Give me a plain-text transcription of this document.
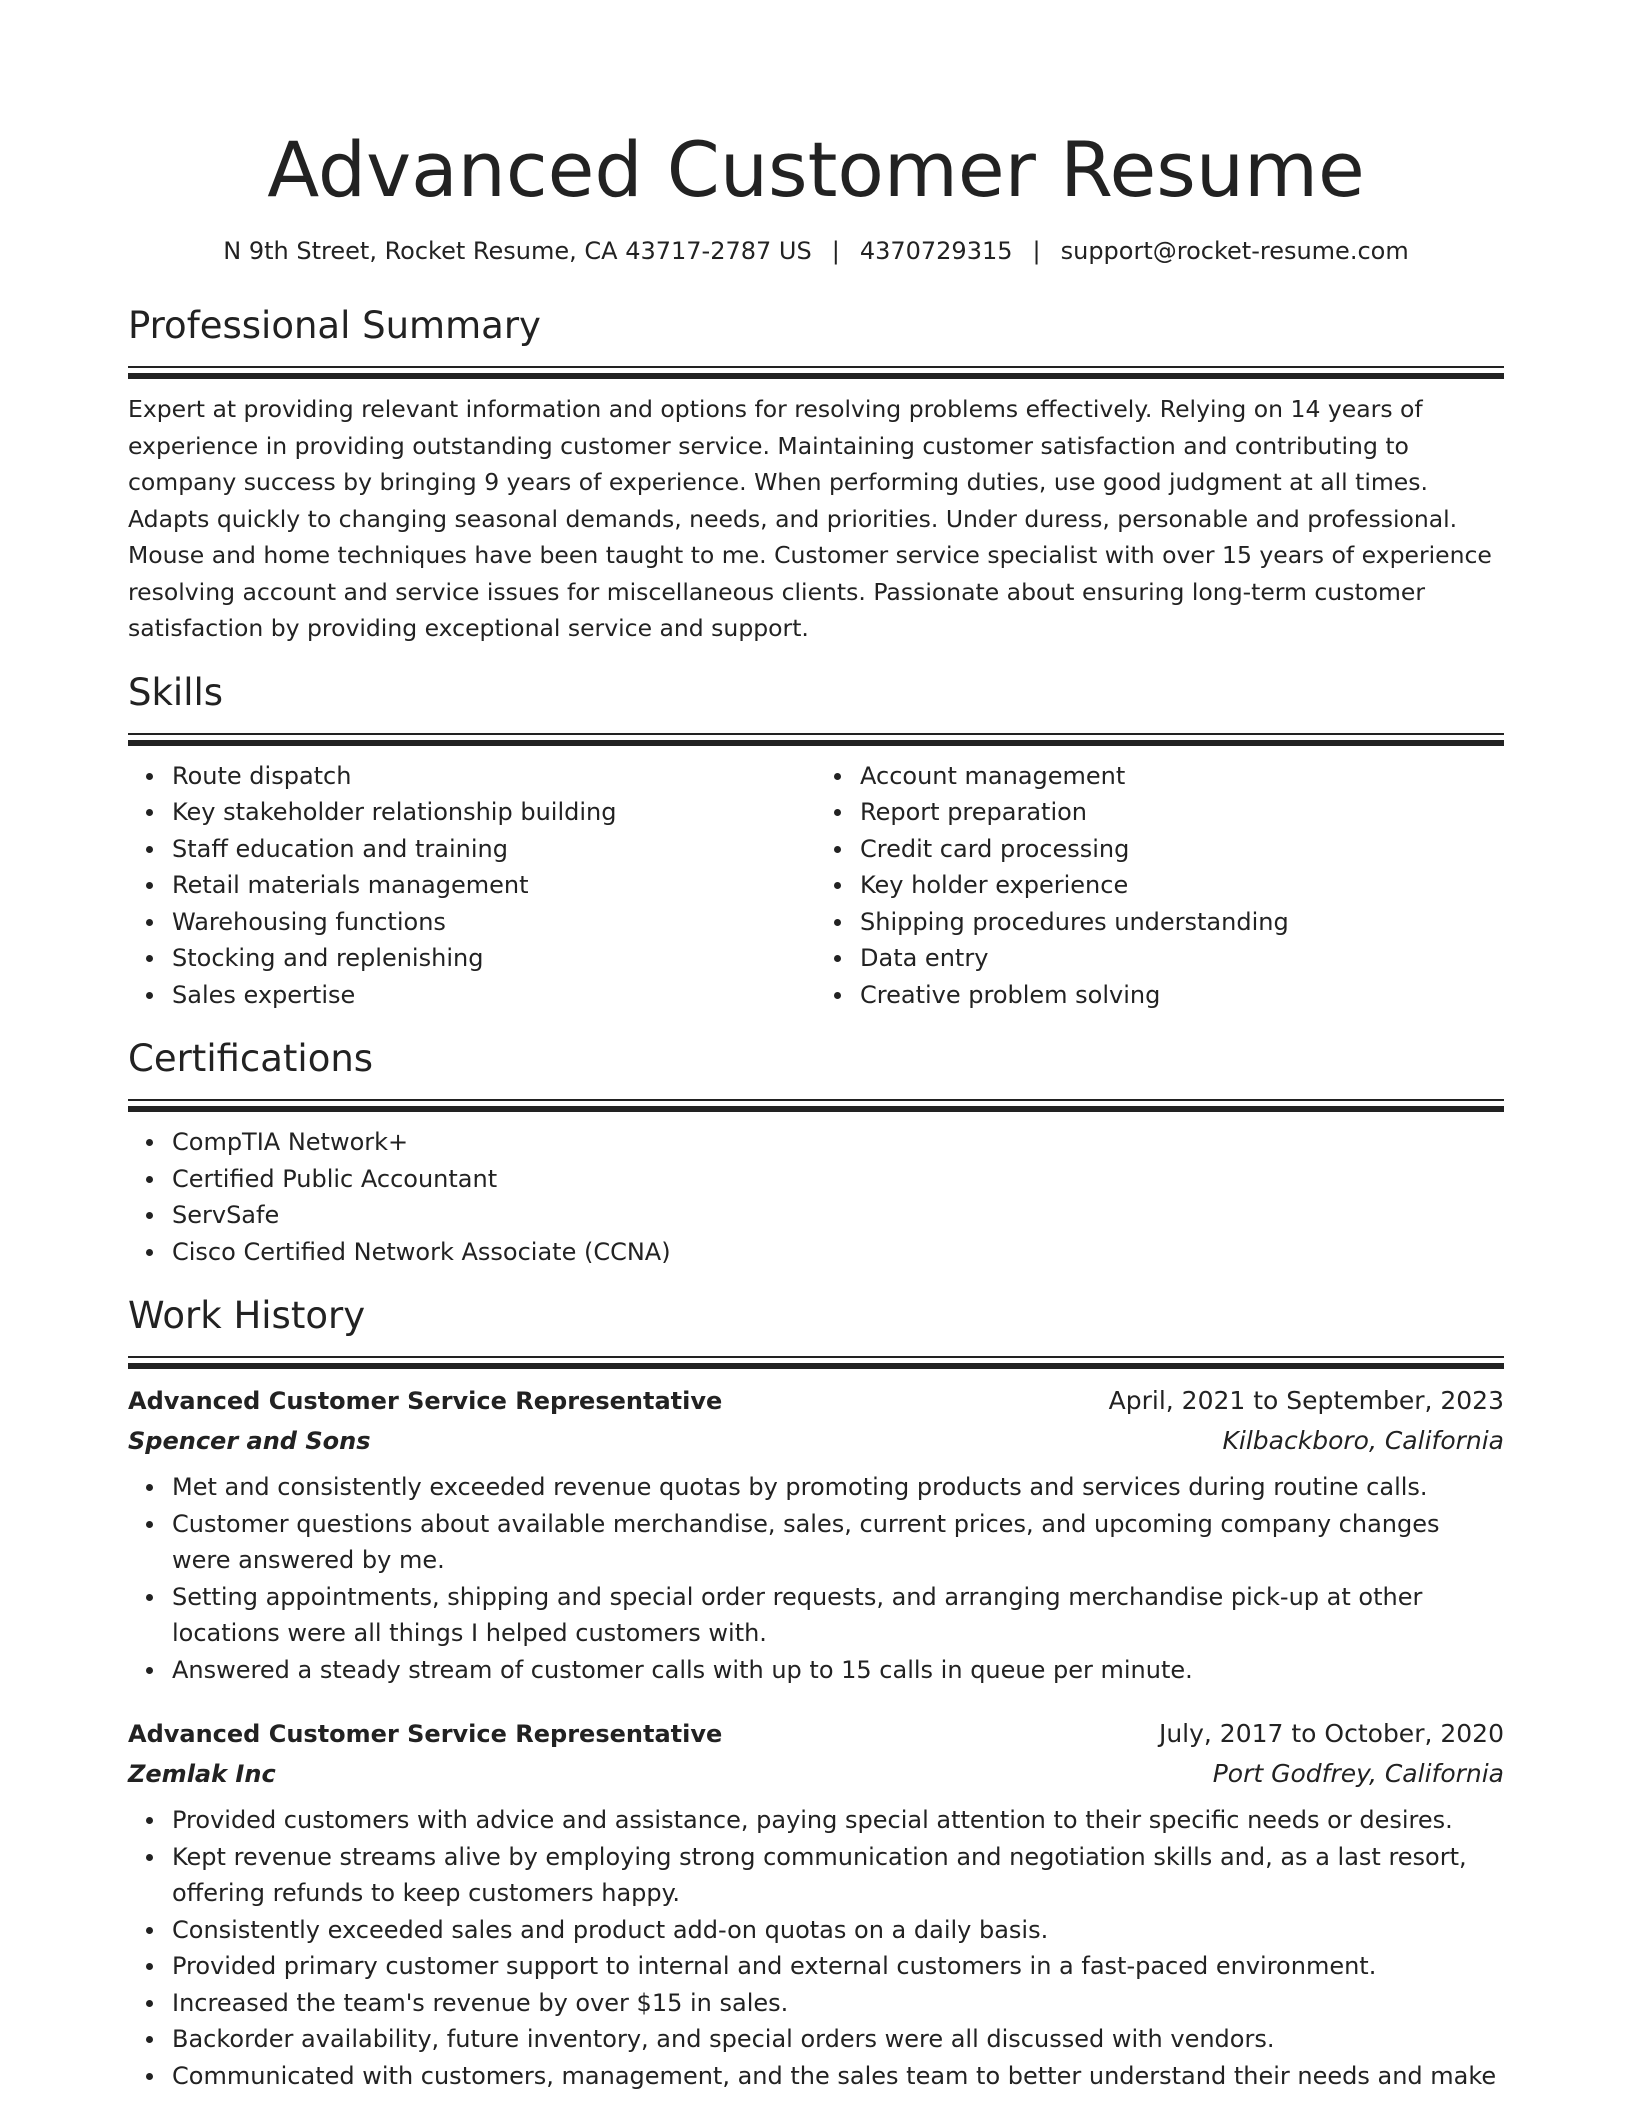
Advanced Customer Resume
N 9th Street, Rocket Resume, CA 43717-2787 US | 4370729315 | support@rocket-resume.com
Professional Summary
Expert at providing relevant information and options for resolving problems effectively. Relying on 14 years of experience in providing outstanding customer service. Maintaining customer satisfaction and contributing to company success by bringing 9 years of experience. When performing duties, use good judgment at all times. Adapts quickly to changing seasonal demands, needs, and priorities. Under duress, personable and professional. Mouse and home techniques have been taught to me. Customer service specialist with over 15 years of experience resolving account and service issues for miscellaneous clients. Passionate about ensuring long-term customer satisfaction by providing exceptional service and support.
Skills
Route dispatch
Key stakeholder relationship building
Staff education and training
Retail materials management
Warehousing functions
Stocking and replenishing
Sales expertise
Account management
Report preparation
Credit card processing
Key holder experience
Shipping procedures understanding
Data entry
Creative problem solving
Certifications
CompTIA Network+
Certified Public Accountant
ServSafe
Cisco Certified Network Associate (CCNA)
Work History
Advanced Customer Service Representative	April, 2021 to September, 2023
Spencer and Sons	Kilbackboro, California
Met and consistently exceeded revenue quotas by promoting products and services during routine calls.
Customer questions about available merchandise, sales, current prices, and upcoming company changes were answered by me.
Setting appointments, shipping and special order requests, and arranging merchandise pick-up at other locations were all things I helped customers with.
Answered a steady stream of customer calls with up to 15 calls in queue per minute.
Advanced Customer Service Representative	July, 2017 to October, 2020
Zemlak Inc	Port Godfrey, California
Provided customers with advice and assistance, paying special attention to their specific needs or desires.
Kept revenue streams alive by employing strong communication and negotiation skills and, as a last resort, offering refunds to keep customers happy.
Consistently exceeded sales and product add-on quotas on a daily basis.
Provided primary customer support to internal and external customers in a fast-paced environment.
Increased the team's revenue by over $15 in sales.
Backorder availability, future inventory, and special orders were all discussed with vendors.
Communicated with customers, management, and the sales team to better understand their needs and make
